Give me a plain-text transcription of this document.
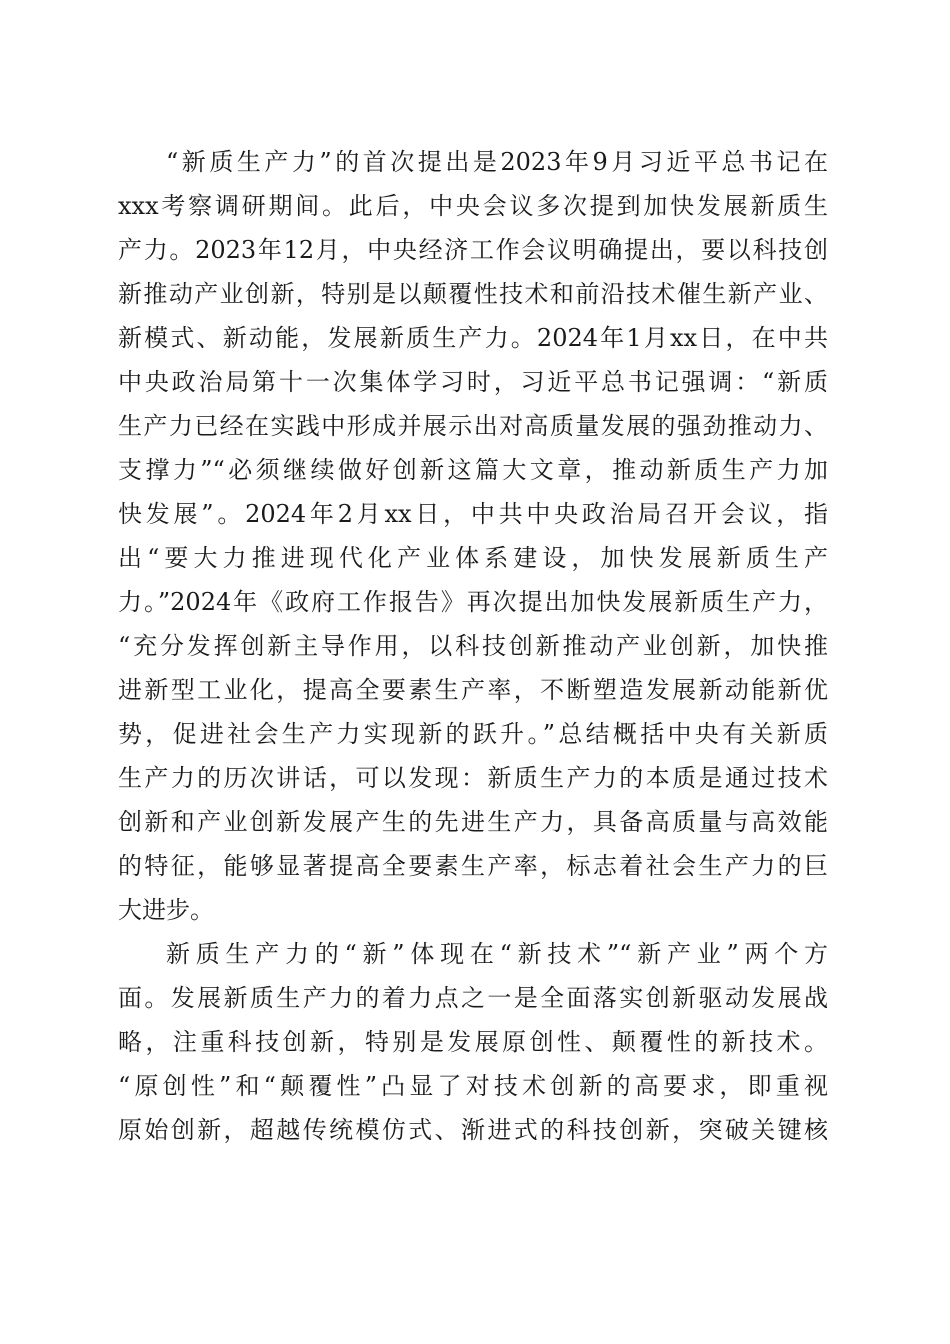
“新质生产力”的首次提出是2023年9月习近平总书记在
xxx考察调研期间。此后，中央会议多次提到加快发展新质生
产力。2023年12月，中央经济工作会议明确提出，要以科技创
新推动产业创新，特别是以颠覆性技术和前沿技术催生新产业、
新模式、新动能，发展新质生产力。2024年1月xx日，在中共
中央政治局第十一次集体学习时，习近平总书记强调：“新质
生产力已经在实践中形成并展示出对高质量发展的强劲推动力、
支撑力”“必须继续做好创新这篇大文章，推动新质生产力加
快发展”。2024年2月xx日，中共中央政治局召开会议，指
出“要大力推进现代化产业体系建设，加快发展新质生产
力。”2024年《政府工作报告》再次提出加快发展新质生产力，
“充分发挥创新主导作用，以科技创新推动产业创新，加快推
进新型工业化，提高全要素生产率，不断塑造发展新动能新优
势，促进社会生产力实现新的跃升。”总结概括中央有关新质
生产力的历次讲话，可以发现：新质生产力的本质是通过技术
创新和产业创新发展产生的先进生产力，具备高质量与高效能
的特征，能够显著提高全要素生产率，标志着社会生产力的巨
大进步。
新质生产力的“新”体现在“新技术”“新产业”两个方
面。发展新质生产力的着力点之一是全面落实创新驱动发展战
略，注重科技创新，特别是发展原创性、颠覆性的新技术。
“原创性”和“颠覆性”凸显了对技术创新的高要求，即重视
原始创新，超越传统模仿式、渐进式的科技创新，突破关键核
